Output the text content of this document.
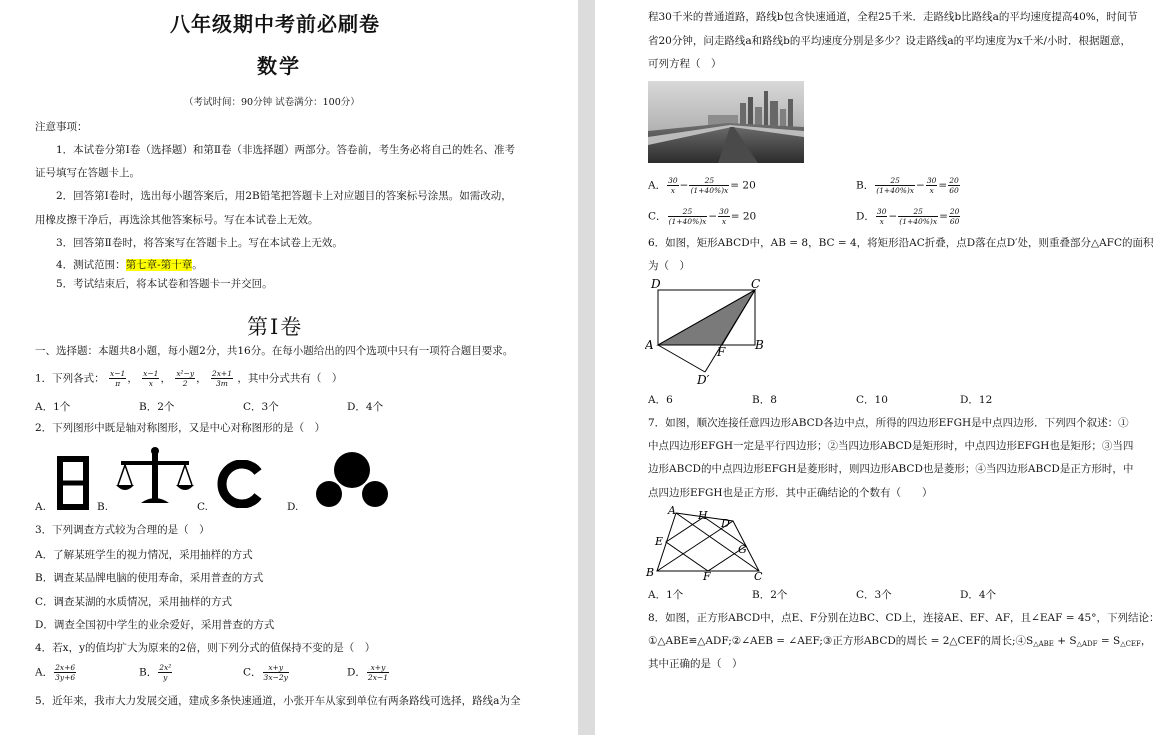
八年级期中考前必刷卷
数学
（考试时间：90分钟 试卷满分：100分）
注意事项：
1．本试卷分第Ⅰ卷（选择题）和第Ⅱ卷（非选择题）两部分。答卷前，考生务必将自己的姓名、准考
证号填写在答题卡上。
2．回答第Ⅰ卷时，选出每小题答案后，用2B铅笔把答题卡上对应题目的答案标号涂黑。如需改动，
用橡皮擦干净后，再选涂其他答案标号。写在本试卷上无效。
3．回答第Ⅱ卷时，将答案写在答题卡上。写在本试卷上无效。
4．测试范围：第七章-第十章。
5．考试结束后，将本试卷和答题卡一并交回。
第Ⅰ卷
一、选择题：本题共8小题，每小题2分，共16分。在每小题给出的四个选项中只有一项符合题目要求。
1．下列各式： $\frac{x-1}{\pi}$ ， $\frac{x-1}{x}$ ， $\frac{\text{x²−y}}{2}$ ， $\frac{2x+1}{3m}$ ，其中分式共有（　）
A．1个	B．2个	C．3个	D．4个
2．下列图形中既是轴对称图形，又是中心对称图形的是（　）
A.	B.	C.	D.
3．下列调查方式较为合理的是（　）
A．了解某班学生的视力情况，采用抽样的方式
B．调查某品牌电脑的使用寿命，采用普查的方式
C．调查某湖的水质情况，采用抽样的方式
D．调查全国初中学生的业余爱好，采用普查的方式
4．若x，y的值均扩大为原来的2倍，则下列分式的值保持不变的是（　）
A． $\frac{2x+6}{3y+6}$	B． $\frac{\text{2x²}}{y}$	C． $\frac{x+y}{3x-2y}$	D． $\frac{x+y}{2x-1}$
5．近年来，我市大力发展交通，建成多条快速通道，小张开车从家到单位有两条路线可选择，路线a为全
程30千米的普通道路，路线b包含快速通道，全程25千米．走路线b比路线a的平均速度提高40%，时间节
省20分钟，问走路线a和路线b的平均速度分别是多少？设走路线a的平均速度为x千米/小时．根据题意，
可列方程（　）
A． $\frac{30}{x} - \frac{25}{(1+40\%)x} = 20$	B． $\frac{25}{(1+40\%)x} - \frac{30}{x} = \frac{20}{60}$
C． $\frac{25}{(1+40\%)x} - \frac{30}{x} = 20$	D． $\frac{30}{x} - \frac{25}{(1+40\%)x} = \frac{20}{60}$
6．如图，矩形ABCD中，AB = 8，BC = 4，将矩形沿AC折叠，点D落在点D′处，则重叠部分△AFC的面积
为（　）
D	C
A	B
F
D′
A．6	B．8	C．10	D．12
7．如图，顺次连接任意四边形ABCD各边中点，所得的四边形EFGH是中点四边形．下列四个叙述：①
中点四边形EFGH一定是平行四边形；②当四边形ABCD是矩形时，中点四边形EFGH也是矩形；③当四
边形ABCD的中点四边形EFGH是菱形时，则四边形ABCD也是菱形；④当四边形ABCD是正方形时，中
点四边形EFGH也是正方形．其中正确结论的个数有（　　）
A H
D
E
G
B	F	C
A．1个	B．2个	C．3个	D．4个
8．如图，正方形ABCD中，点E、F分别在边BC、CD上，连接AE、EF、AF，且∠EAF = 45°，下列结论：
①△ABE≌△ADF;②∠AEB = ∠AEF;③正方形ABCD的周长 = 2△CEF的周长$;④S_{\triangle ABE} + S_{\triangle ADF} = S_{\triangle CEF}$，
其中正确的是（　）
